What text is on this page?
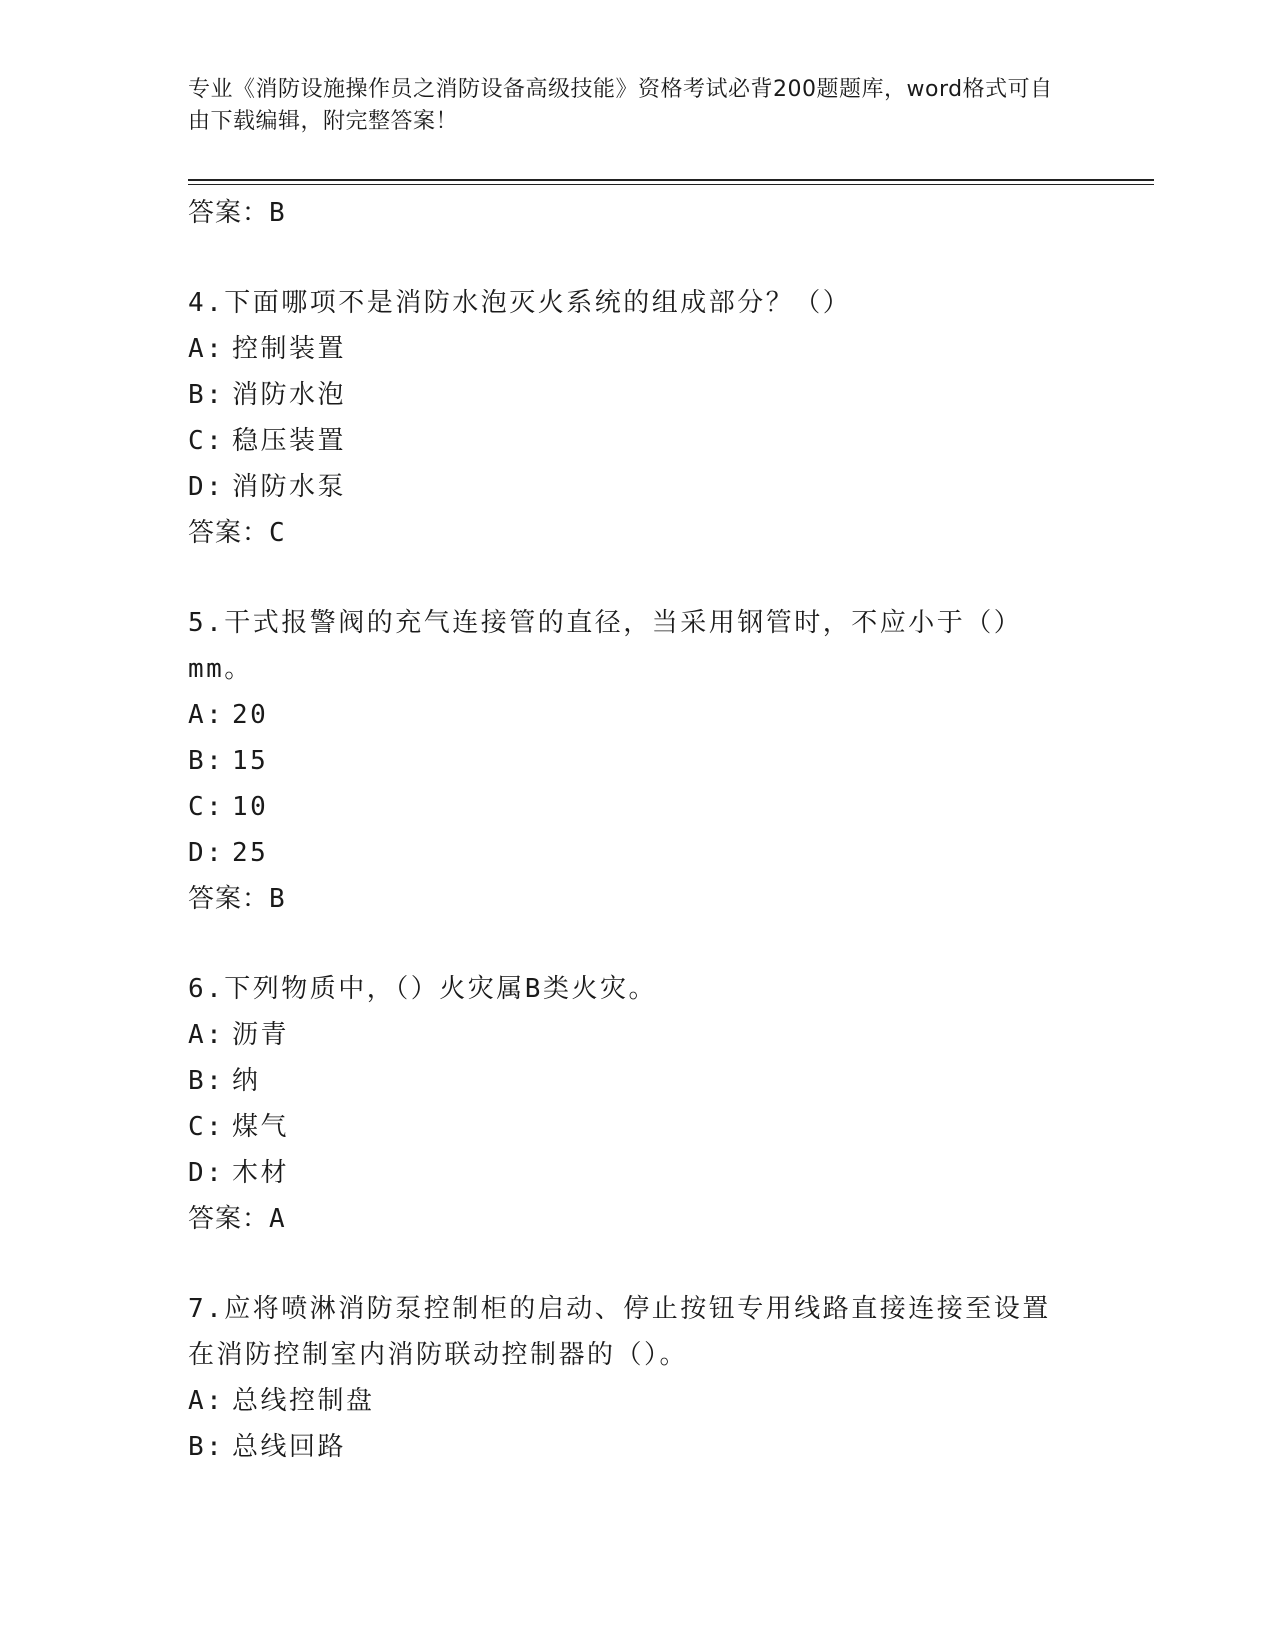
专业《消防设施操作员之消防设备高级技能》资格考试必背200题题库，word格式可自由下载编辑，附完整答案！
答案：B
4.下面哪项不是消防水泡灭火系统的组成部分？（）
A: 控制装置
B: 消防水泡
C: 稳压装置
D: 消防水泵
答案：C
5.干式报警阀的充气连接管的直径，当采用钢管时，不应小于（）mm。
A: 20
B: 15
C: 10
D: 25
答案：B
6.下列物质中，（）火灾属B类火灾。
A: 沥青
B: 纳
C: 煤气
D: 木材
答案：A
7.应将喷淋消防泵控制柜的启动、停止按钮专用线路直接连接至设置在消防控制室内消防联动控制器的（）。
A: 总线控制盘
B: 总线回路
